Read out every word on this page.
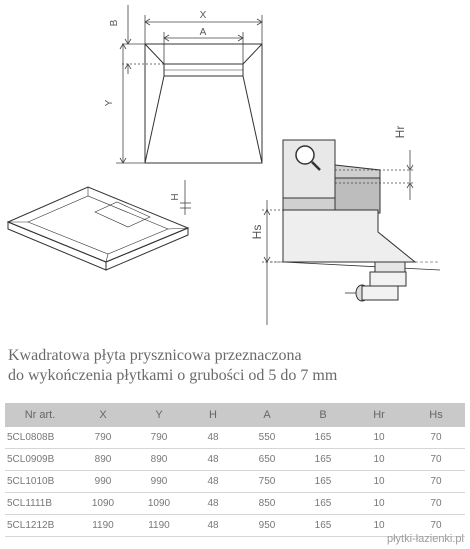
X
A
B
Y
H
Hr
Hs
Kwadratowa płyta prysznicowa przeznaczona
do wykończenia płytkami o grubości od 5 do 7 mm
Nr art.	X	Y	H	A	B	Hr	Hs
5CL0808B	790	790	48	550	165	10	70
5CL0909B	890	890	48	650	165	10	70
5CL1010B	990	990	48	750	165	10	70
5CL1111B	1090	1090	48	850	165	10	70
5CL1212B	1190	1190	48	950	165	10	70
płytki-łazienki.pl
